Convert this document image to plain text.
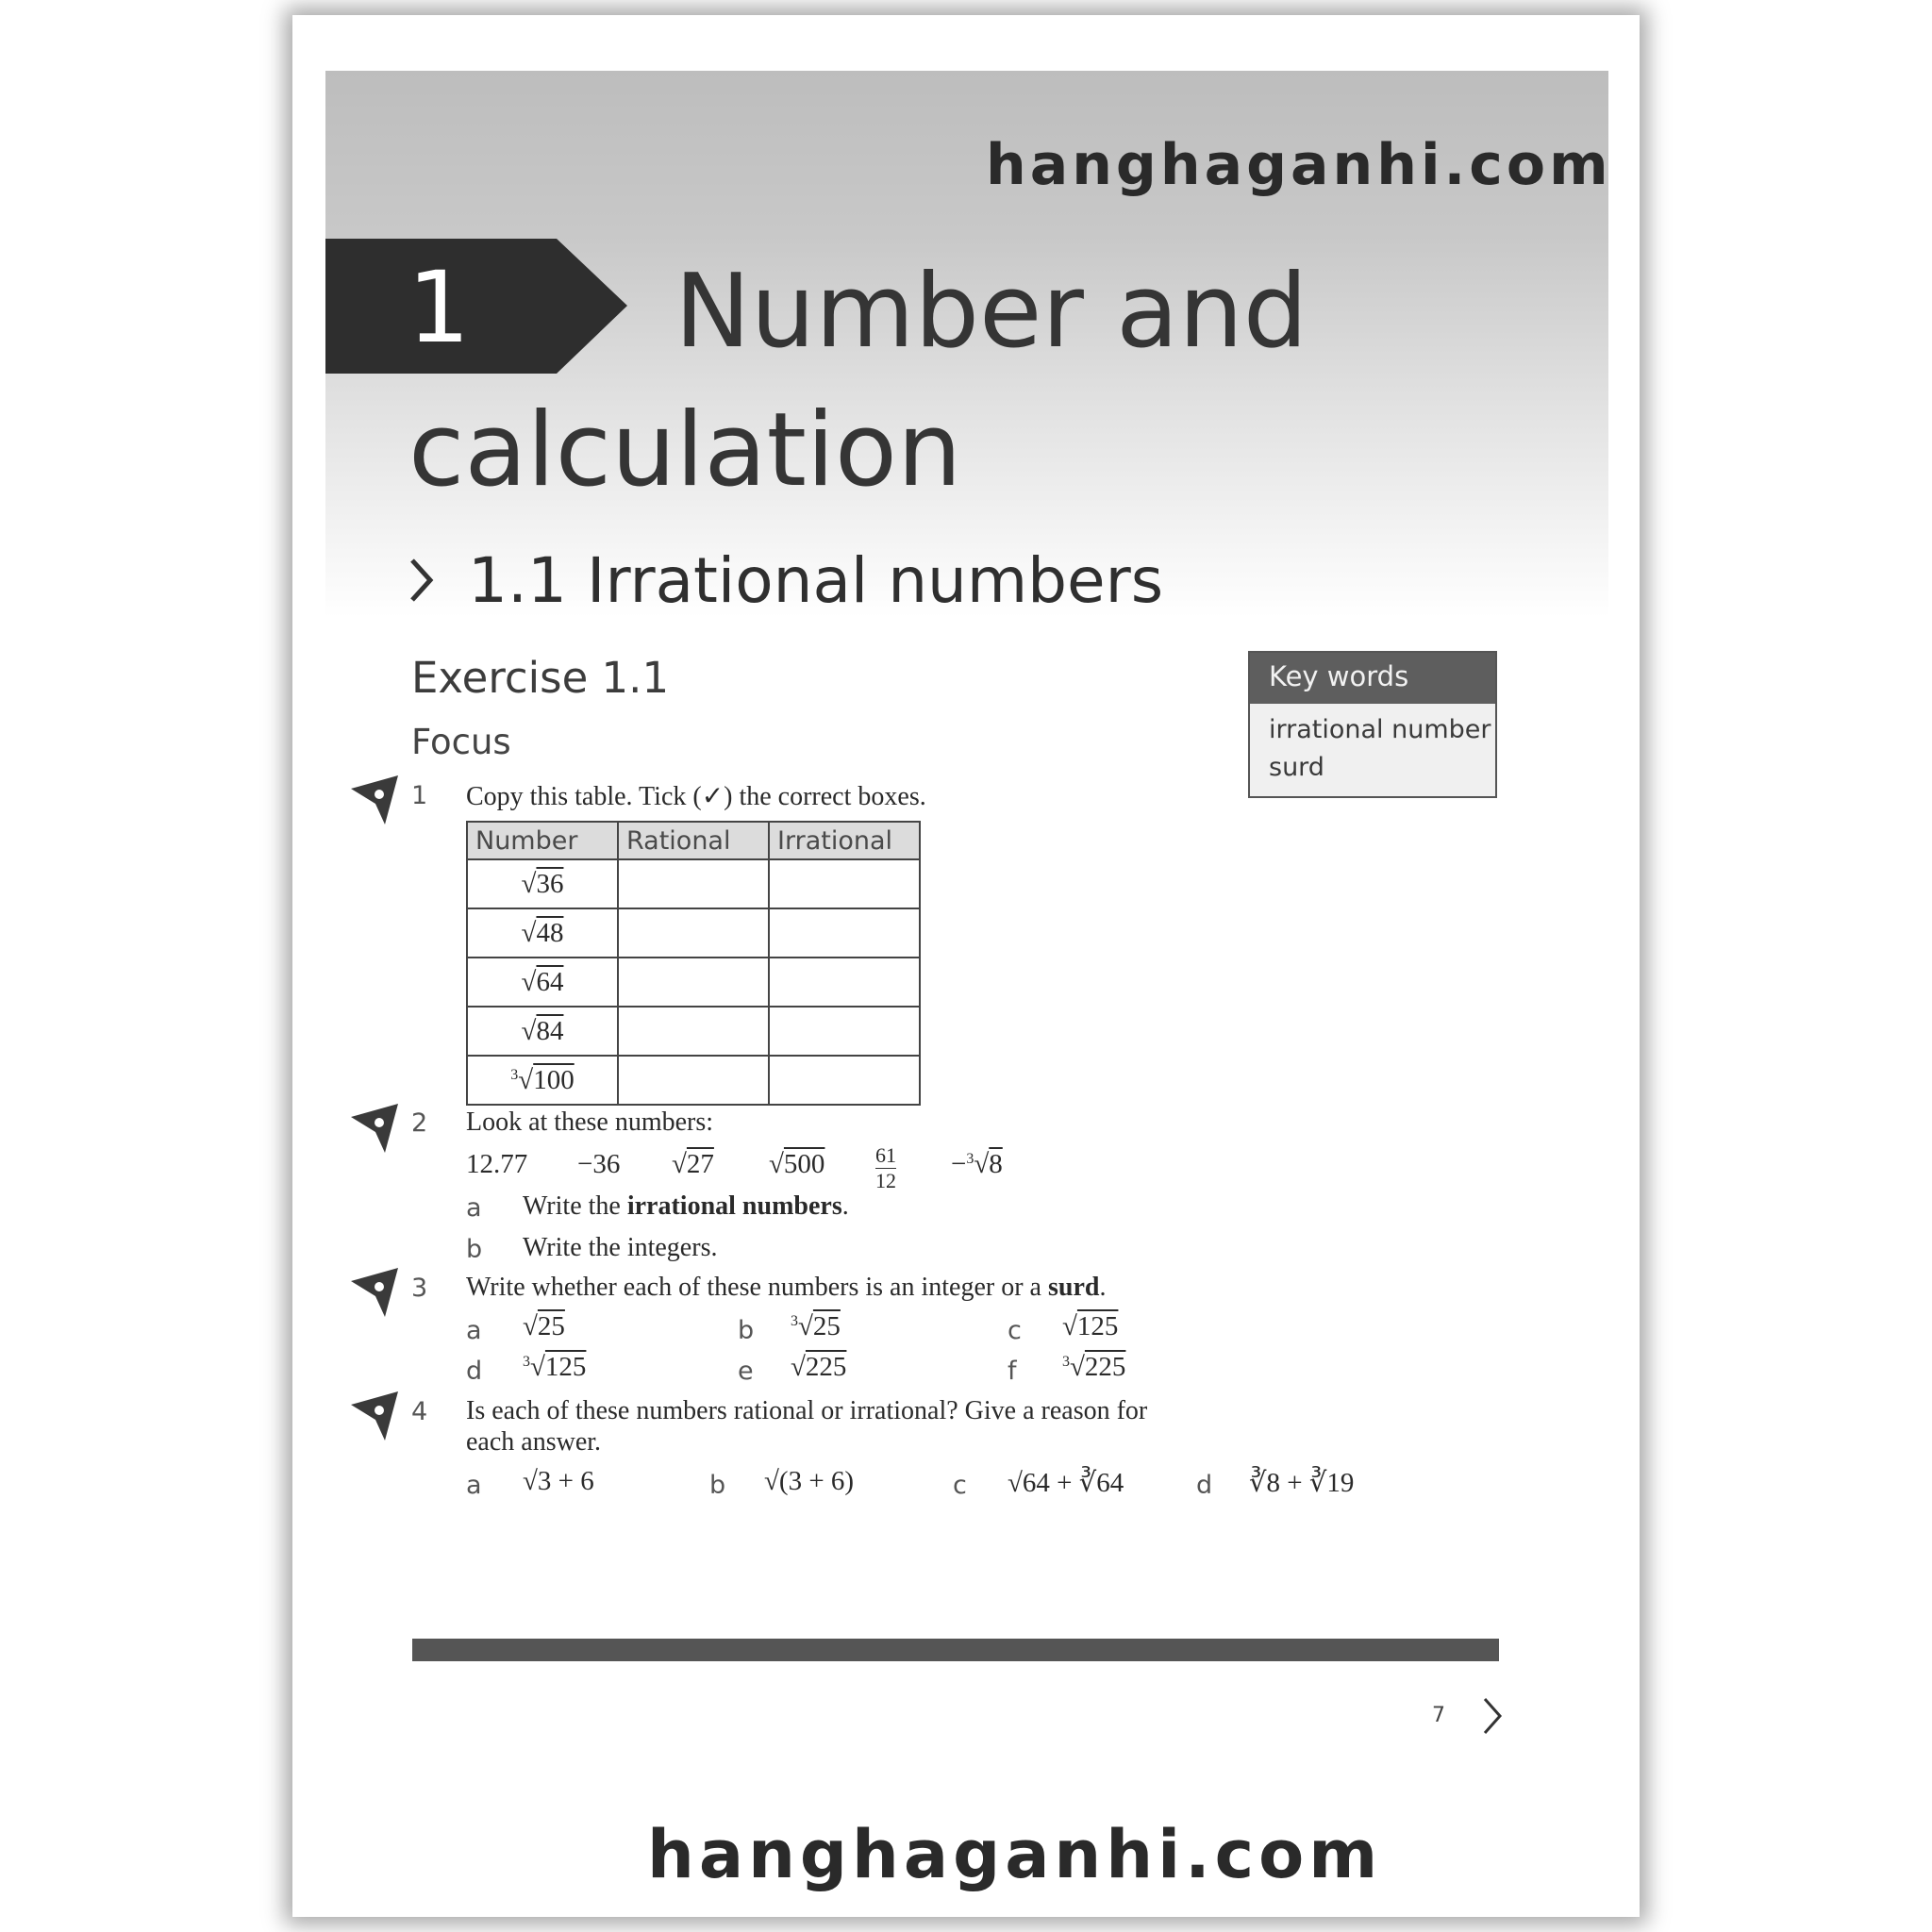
hanghaganhi.com
1 Number and
calculation
1.1 Irrational numbers
Exercise 1.1
Focus
Key words
irrational number
surd
1 Copy this table. Tick (✓) the correct boxes.
Number	Rational	Irrational
√36		
√48		
√64		
√84		
$^3$√100		
2 Look at these numbers:
12.77 −36 √27 $√500 \frac{61}{12} -^3√8$
a Write the irrational numbers.
b Write the integers.
3 Write whether each of these numbers is an integer or a surd.
a √25	b $^3$√25	c √125
d	$^3$√125	e √225	f	$^3$√225
4 Is each of these numbers rational or irrational? Give a reason for
each answer.
a √3 + 6	b √(3 + 6)	c √64 + ∛64	d ∛8 + ∛19
7
hanghaganhi.com
